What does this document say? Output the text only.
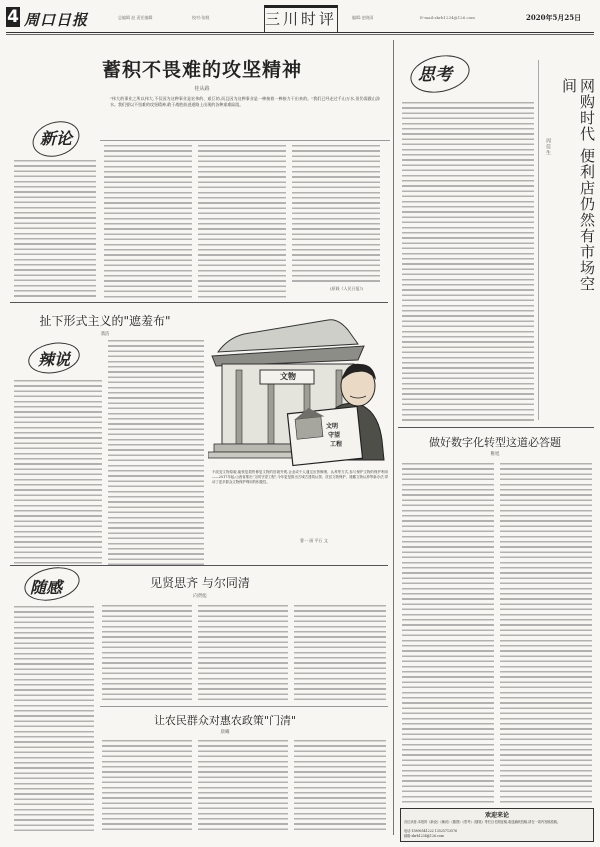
4 周口日报	总编辑 赵 责任编辑	校对:张舰	三川时评	编辑:史晓雨	E-mail:zkrb1234@126.com	2020年5月25日
蓄积不畏难的攻坚精神
桂从路
"伟大的事业之所以伟大,不仅因为这种事业是宏伟的、艰巨的,而且因为这种事业是一棒接着一棒接力干出来的。"我们已经走过千山万水,但仍需跋山涉水。我们要以不畏难的攻坚精神,敢于战胜前进道路上出现的各种艰难险阻。
新论
(原载《人民日报》)
扯下形式主义的"遮羞布"
翡洁
辣说
文物
文明
守望
工程
不改变文物原貌,能恢复损伤修复文物的旧貌外观,企业或个人通过出资修缮、认养等方式,参与保护文物的保护利用——2017年起,山西省推出"文明守望工程",今年更是推出古城古建筑认领、扶贫文物保护、援藏文物认养等新办法,带动了更多群众文物保护利用的积极性。
曹一 画 平石 文
随感	见贤思齐 与尔同清
向贤彪
让农民群众对惠农政策"门清"
晨曦
思考
网购时代 便利店仍然有市场空间
周佳生
做好数字化转型这道必答题
稚旭
欢迎来论
各位读者,本报的《新论》《辣说》《随感》《思考》《随笔》等栏目长期征稿,欢迎踊跃投稿,请在一周内发稿投稿。
电话:15896541222 13525713576
邮箱:zkrb1234@126.com
